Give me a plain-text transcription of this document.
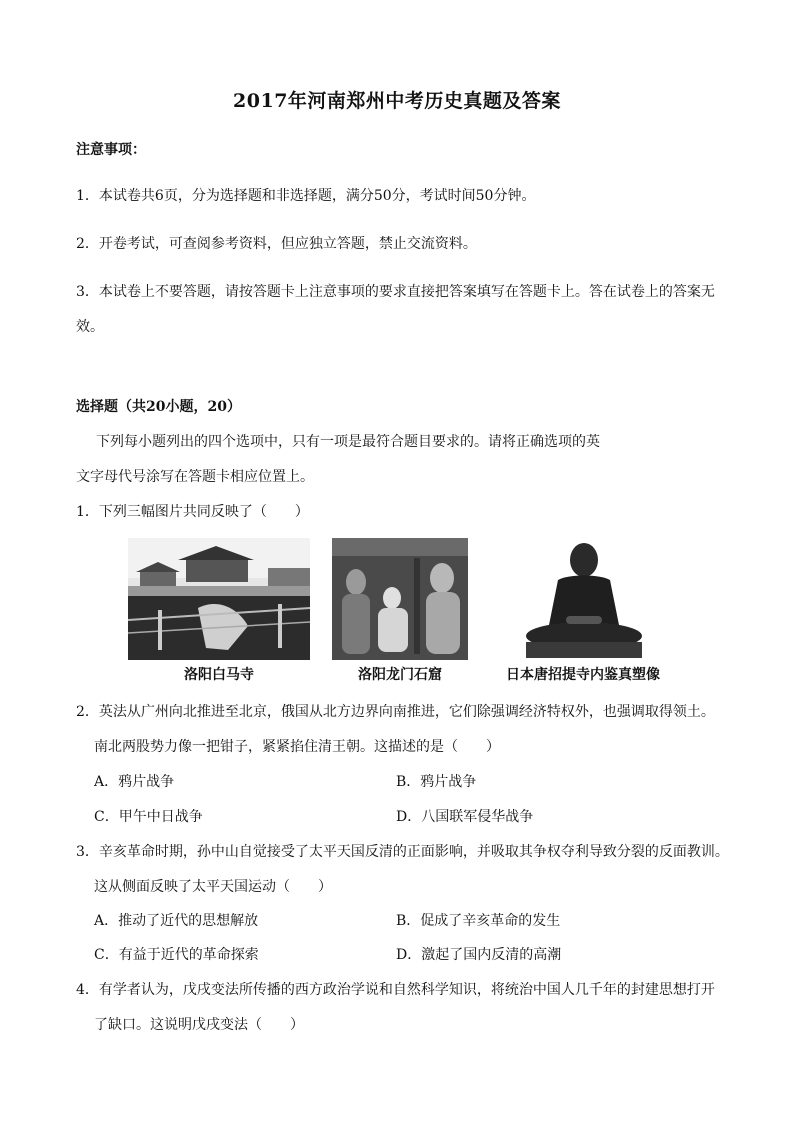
2017年河南郑州中考历史真题及答案
注意事项：
1．本试卷共6页，分为选择题和非选择题，满分50分，考试时间50分钟。
2．开卷考试，可查阅参考资料，但应独立答题，禁止交流资料。
3．本试卷上不要答题，请按答题卡上注意事项的要求直接把答案填写在答题卡上。答在试卷上的答案无
效。
选择题（共20小题，20）
下列每小题列出的四个选项中，只有一项是最符合题目要求的。请将正确选项的英
文字母代号涂写在答题卡相应位置上。
1．下列三幅图片共同反映了（　　）
洛阳白马寺	洛阳龙门石窟	日本唐招提寺内鉴真塑像
2．英法从广州向北推进至北京，俄国从北方边界向南推进，它们除强调经济特权外，也强调取得领土。
南北两股势力像一把钳子，紧紧掐住清王朝。这描述的是（　　）
A．鸦片战争	B．鸦片战争
C．甲午中日战争	D．八国联军侵华战争
3．辛亥革命时期，孙中山自觉接受了太平天国反清的正面影响，并吸取其争权夺利导致分裂的反面教训。
这从侧面反映了太平天国运动（　　）
A．推动了近代的思想解放	B．促成了辛亥革命的发生
C．有益于近代的革命探索	D．激起了国内反清的高潮
4．有学者认为，戊戌变法所传播的西方政治学说和自然科学知识，将统治中国人几千年的封建思想打开
了缺口。这说明戊戌变法（　　）
